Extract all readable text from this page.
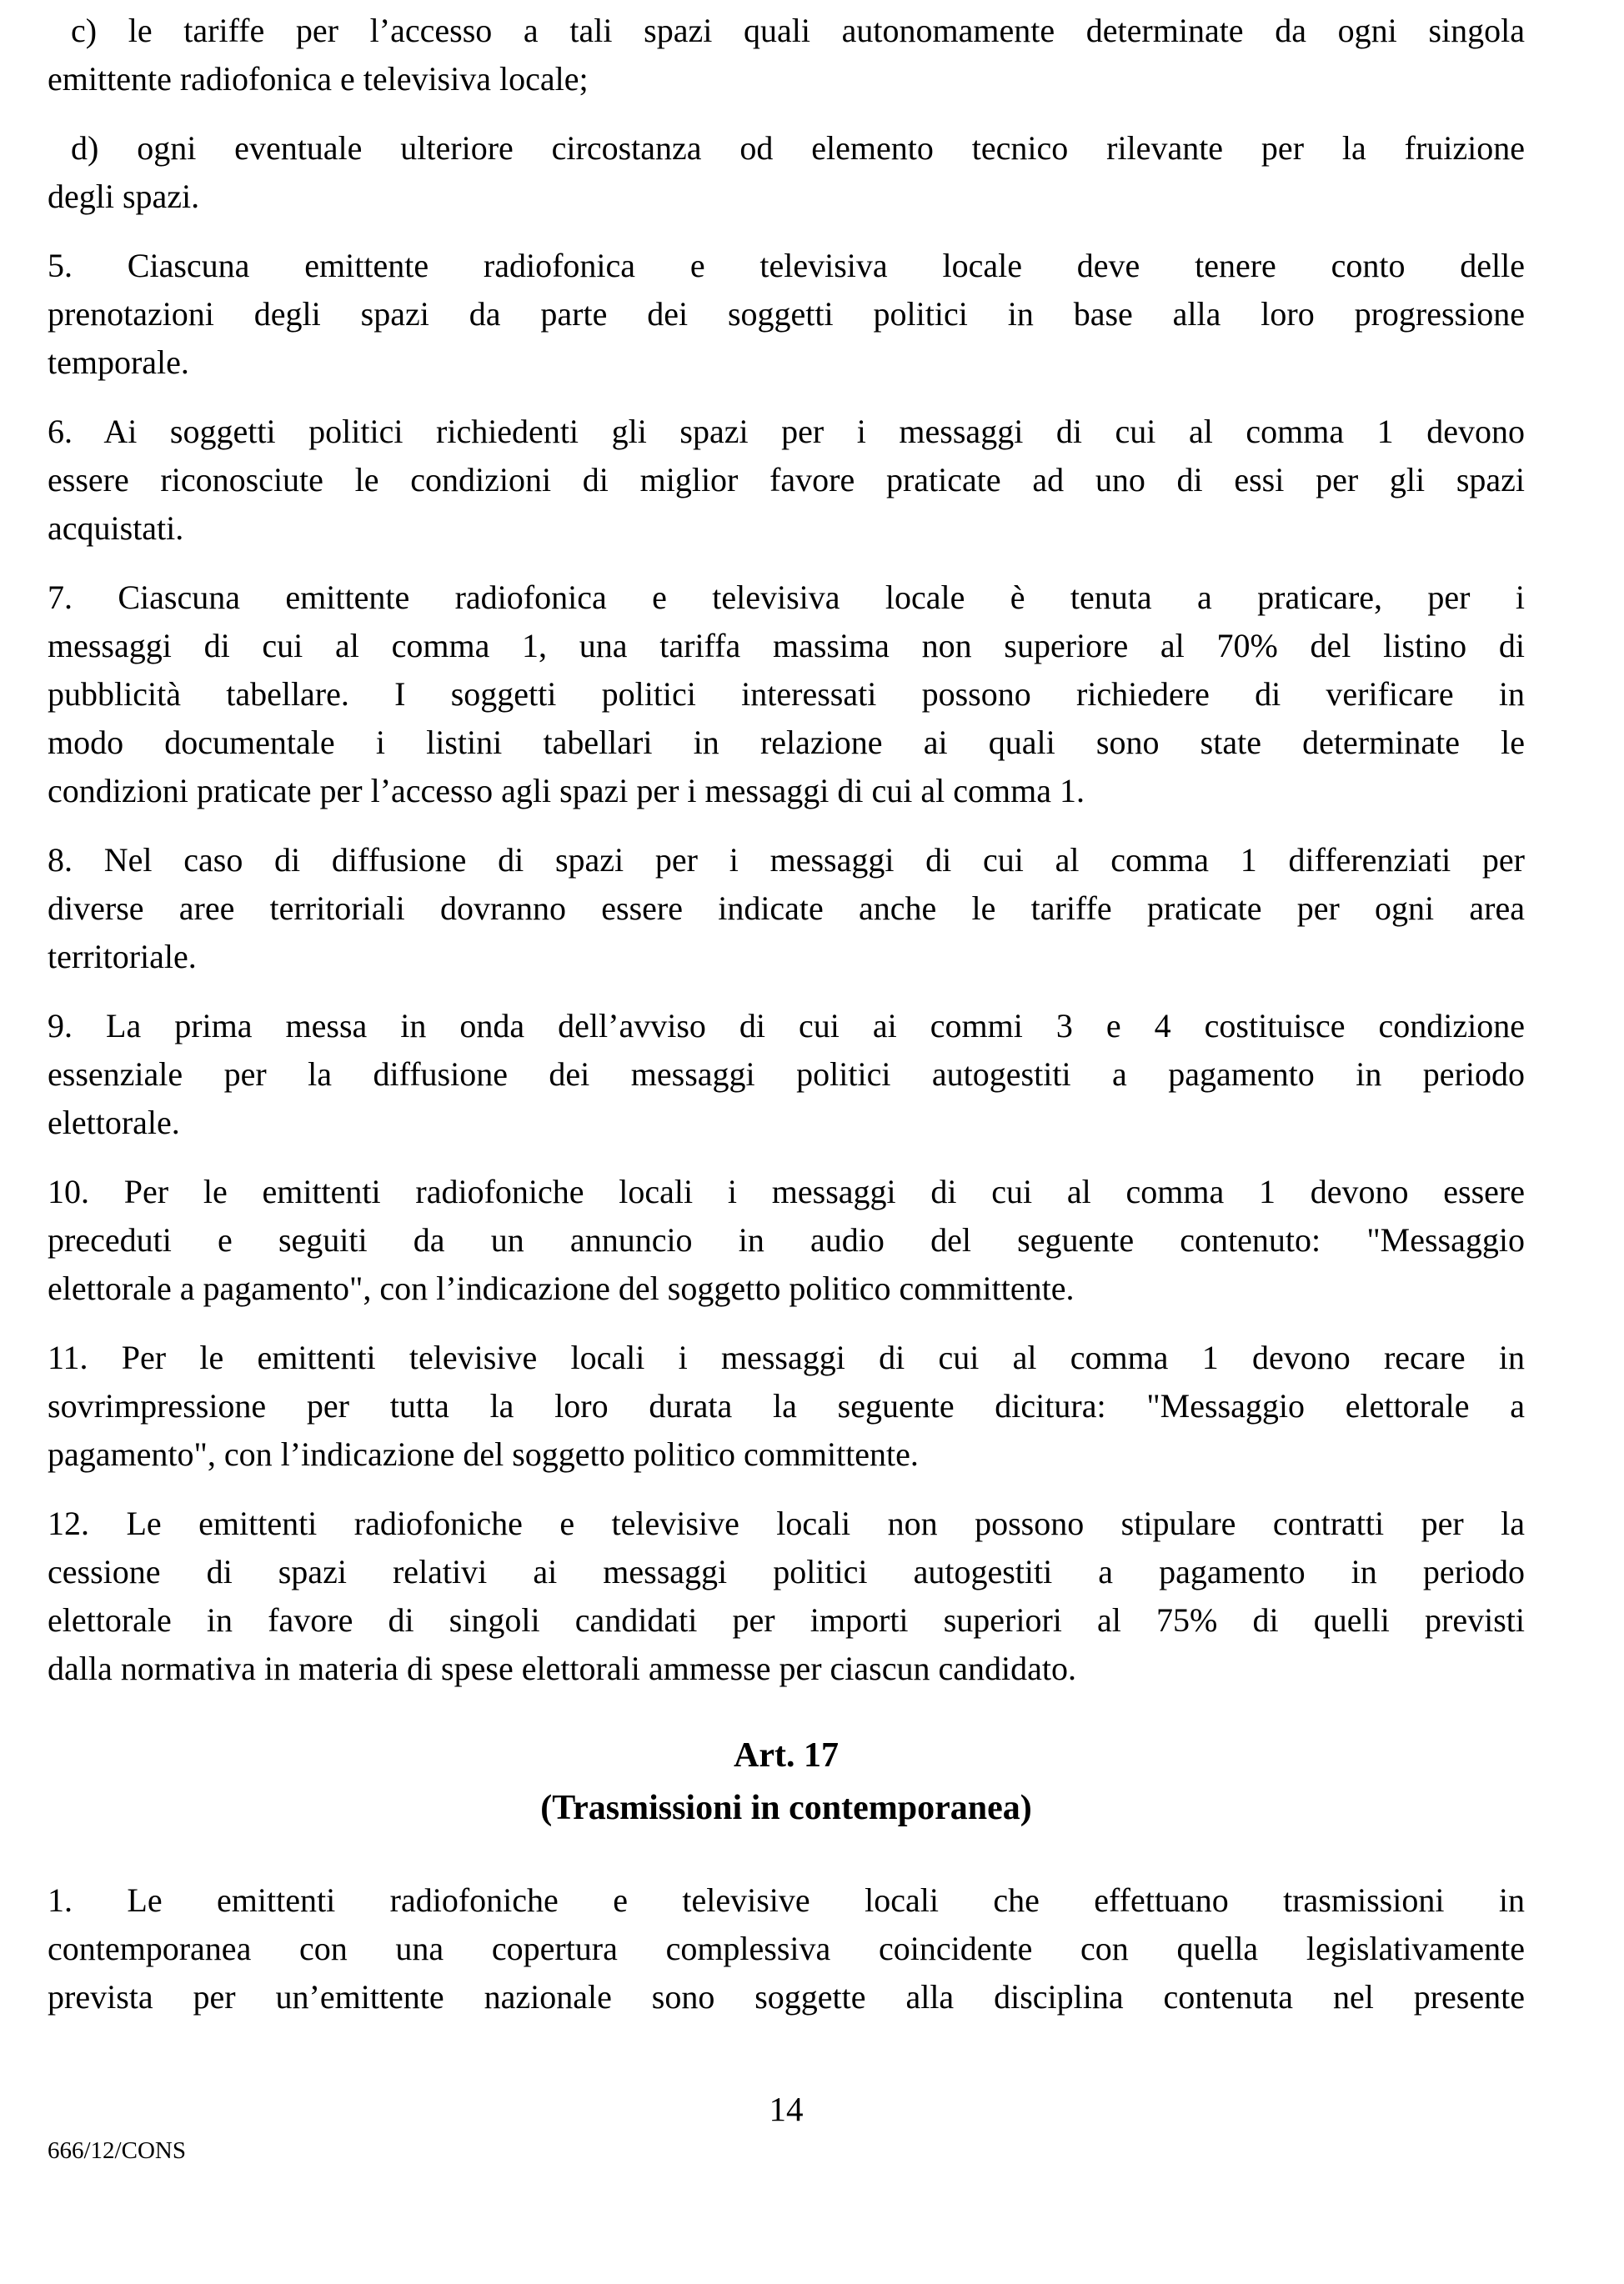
c) le tariffe per l’accesso a tali spazi quali autonomamente determinate da ogni singola
emittente radiofonica e televisiva locale;
d) ogni eventuale ulteriore circostanza od elemento tecnico rilevante per la fruizione
degli spazi.
5. Ciascuna emittente radiofonica e televisiva locale deve tenere conto delle
prenotazioni degli spazi da parte dei soggetti politici in base alla loro progressione
temporale.
6. Ai soggetti politici richiedenti gli spazi per i messaggi di cui al comma 1 devono
essere riconosciute le condizioni di miglior favore praticate ad uno di essi per gli spazi
acquistati.
7. Ciascuna emittente radiofonica e televisiva locale è tenuta a praticare, per i
messaggi di cui al comma 1, una tariffa massima non superiore al 70% del listino di
pubblicità tabellare. I soggetti politici interessati possono richiedere di verificare in
modo documentale i listini tabellari in relazione ai quali sono state determinate le
condizioni praticate per l’accesso agli spazi per i messaggi di cui al comma 1.
8. Nel caso di diffusione di spazi per i messaggi di cui al comma 1 differenziati per
diverse aree territoriali dovranno essere indicate anche le tariffe praticate per ogni area
territoriale.
9. La prima messa in onda dell’avviso di cui ai commi 3 e 4 costituisce condizione
essenziale per la diffusione dei messaggi politici autogestiti a pagamento in periodo
elettorale.
10. Per le emittenti radiofoniche locali i messaggi di cui al comma 1 devono essere
preceduti e seguiti da un annuncio in audio del seguente contenuto: "Messaggio
elettorale a pagamento", con l’indicazione del soggetto politico committente.
11. Per le emittenti televisive locali i messaggi di cui al comma 1 devono recare in
sovrimpressione per tutta la loro durata la seguente dicitura: "Messaggio elettorale a
pagamento", con l’indicazione del soggetto politico committente.
12. Le emittenti radiofoniche e televisive locali non possono stipulare contratti per la
cessione di spazi relativi ai messaggi politici autogestiti a pagamento in periodo
elettorale in favore di singoli candidati per importi superiori al 75% di quelli previsti
dalla normativa in materia di spese elettorali ammesse per ciascun candidato.
Art. 17
(Trasmissioni in contemporanea)
1. Le emittenti radiofoniche e televisive locali che effettuano trasmissioni in
contemporanea con una copertura complessiva coincidente con quella legislativamente
prevista per un’emittente nazionale sono soggette alla disciplina contenuta nel presente
14
666/12/CONS
